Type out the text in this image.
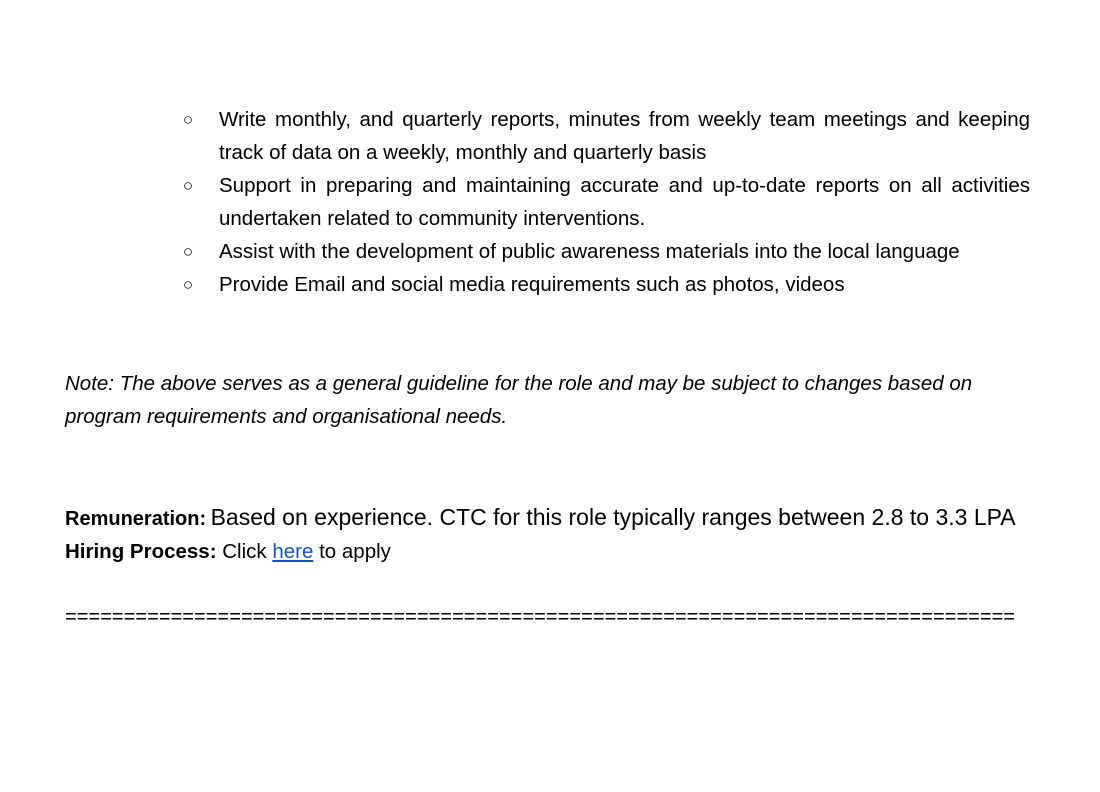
○ Write monthly, and quarterly reports, minutes from weekly team meetings and keeping track of data on a weekly, monthly and quarterly basis
○ Support in preparing and maintaining accurate and up-to-date reports on all activities undertaken related to community interventions.
○ Assist with the development of public awareness materials into the local language
○ Provide Email and social media requirements such as photos, videos

Note: The above serves as a general guideline for the role and may be subject to changes based on program requirements and organisational needs.

Remuneration: Based on experience. CTC for this role typically ranges between 2.8 to 3.3 LPA

Hiring Process: Click here to apply

=================================================================================
